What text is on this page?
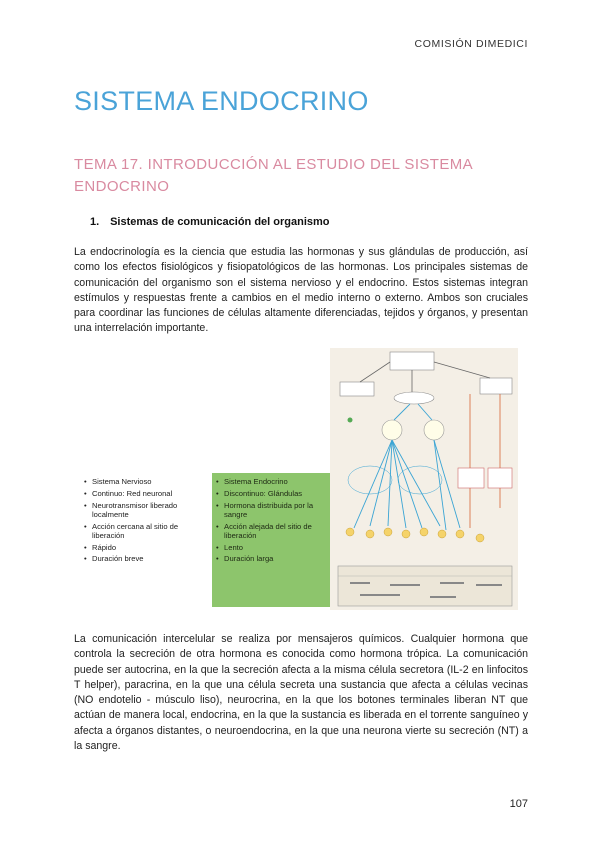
COMISIÓN DIMEDICI
SISTEMA ENDOCRINO
TEMA 17. INTRODUCCIÓN AL ESTUDIO DEL SISTEMA ENDOCRINO
1. Sistemas de comunicación del organismo
La endocrinología es la ciencia que estudia las hormonas y sus glándulas de producción, así como los efectos fisiológicos y fisiopatológicos de las hormonas. Los principales sistemas de comunicación del organismo son el sistema nervioso y el endocrino. Estos sistemas integran estímulos y respuestas frente a cambios en el medio interno o externo. Ambos son cruciales para coordinar las funciones de células altamente diferenciadas, tejidos y órganos, y presentan una interrelación importante.
• Sistema Nervioso
• Continuo: Red neuronal
• Neurotransmisor liberado localmente
• Acción cercana al sitio de liberación
• Rápido
• Duración breve
• Sistema Endocrino
• Discontinuo: Glándulas
• Hormona distribuida por la sangre
• Acción alejada del sitio de liberación
• Lento
• Duración larga
La comunicación intercelular se realiza por mensajeros químicos. Cualquier hormona que controla la secreción de otra hormona es conocida como hormona trópica. La comunicación puede ser autocrina, en la que la secreción afecta a la misma célula secretora (IL-2 en linfocitos T helper), paracrina, en la que una célula secreta una sustancia que afecta a células vecinas (NO endotelio - músculo liso), neurocrina, en la que los botones terminales liberan NT que actúan de manera local, endocrina, en la que la sustancia es liberada en el torrente sanguíneo y afecta a órganos distantes, o neuroendocrina, en la que una neurona vierte su secreción (NT) a la sangre.
107
